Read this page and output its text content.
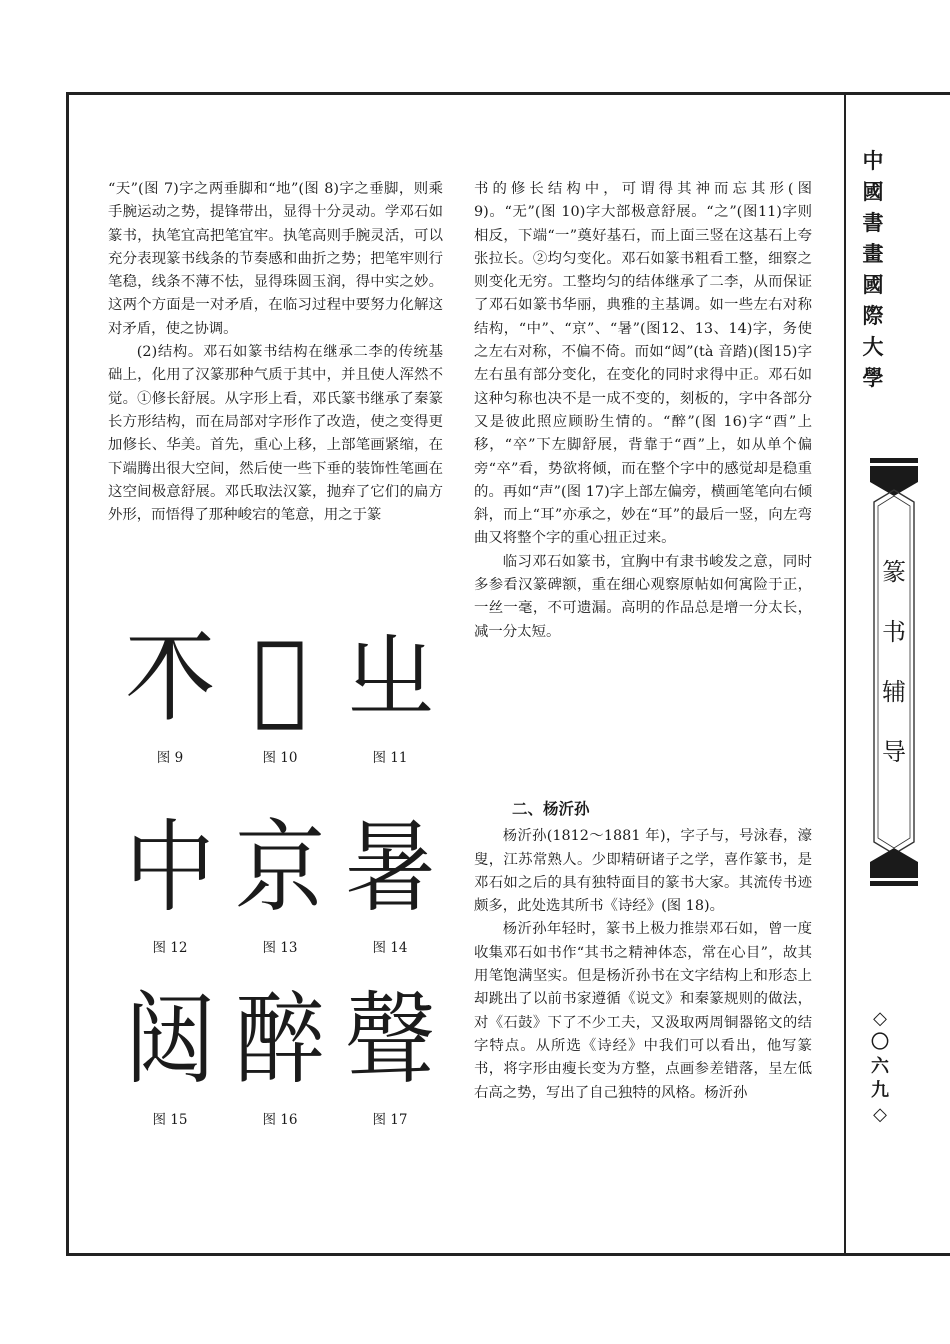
“天”(图 7)字之两垂脚和“地”(图 8)字之垂脚，则乘手腕运动之势，提锋带出，显得十分灵动。学邓石如篆书，执笔宜高把笔宜牢。执笔高则手腕灵活，可以充分表现篆书线条的节奏感和曲折之势；把笔牢则行笔稳，线条不薄不怯，显得珠圆玉润，得中实之妙。这两个方面是一对矛盾，在临习过程中要努力化解这对矛盾，使之协调。

(2)结构。邓石如篆书结构在继承二李的传统基础上，化用了汉篆那种气质于其中，并且使人浑然不觉。①修长舒展。从字形上看，邓氏篆书继承了秦篆长方形结构，而在局部对字形作了改造，使之变得更加修长、华美。首先，重心上移，上部笔画紧缩，在下端腾出很大空间，然后使一些下垂的装饰性笔画在这空间极意舒展。邓氏取法汉篆，抛弃了它们的扁方外形，而悟得了那种峻宕的笔意，用之于篆

𣎴
图 9
𣟨
图 10
㞢
图 11
中
图 12
京
图 13
暑
图 14
闼
图 15
醉
图 16
聲
图 17

书的修长结构中，可谓得其神而忘其形(图9)。“无”(图 10)字大部极意舒展。“之”(图11)字则相反，下端“一”奠好基石，而上面三竖在这基石上夸张拉长。②均匀变化。邓石如篆书粗看工整，细察之则变化无穷。工整均匀的结体继承了二李，从而保证了邓石如篆书华丽，典雅的主基调。如一些左右对称结构，“中”、“京”、“暑”(图12、13、14)字，务使之左右对称，不偏不倚。而如“闼”(tà 音踏)(图15)字左右虽有部分变化，在变化的同时求得中正。邓石如这种匀称也决不是一成不变的，刻板的，字中各部分又是彼此照应顾盼生情的。“醉”(图 16)字“酉”上移，“卒”下左脚舒展，背靠于“酉”上，如从单个偏旁“卒”看，势欲将倾，而在整个字中的感觉却是稳重的。再如“声”(图 17)字上部左偏旁，横画笔笔向右倾斜，而上“耳”亦承之，妙在“耳”的最后一竖，向左弯曲又将整个字的重心扭正过来。

临习邓石如篆书，宜胸中有隶书峻发之意，同时多参看汉篆碑额，重在细心观察原帖如何寓险于正，一丝一毫，不可遗漏。高明的作品总是增一分太长，减一分太短。

二、杨沂孙

杨沂孙(1812～1881 年)，字子与，号泳春，濠叟，江苏常熟人。少即精研诸子之学，喜作篆书，是邓石如之后的具有独特面目的篆书大家。其流传书迹颇多，此处选其所书《诗经》(图 18)。

杨沂孙年轻时，篆书上极力推崇邓石如，曾一度收集邓石如书作“其书之精神体态，常在心目”，故其用笔饱满坚实。但是杨沂孙书在文字结构上和形态上却跳出了以前书家遵循《说文》和秦篆规则的做法，对《石鼓》下了不少工夫，又汲取两周铜器铭文的结字特点。从所选《诗经》中我们可以看出，他写篆书，将字形由瘦长变为方整，点画参差错落，呈左低右高之势，写出了自己独特的风格。杨沂孙

中
國
書
畫
國
際
大
學
篆
书
辅
导
◇
〇
六
九
◇
